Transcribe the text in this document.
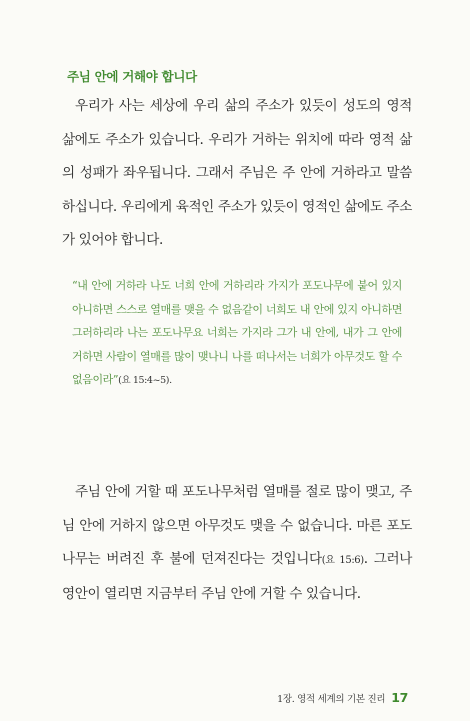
주님 안에 거해야 합니다

우리가 사는 세상에 우리 삶의 주소가 있듯이 성도의 영적 삶에도 주소가 있습니다. 우리가 거하는 위치에 따라 영적 삶의 성패가 좌우됩니다. 그래서 주님은 주 안에 거하라고 말씀하십니다. 우리에게 육적인 주소가 있듯이 영적인 삶에도 주소가 있어야 합니다.

“내 안에 거하라 나도 너희 안에 거하리라 가지가 포도나무에 붙어 있지 아니하면 스스로 열매를 맺을 수 없음같이 너희도 내 안에 있지 아니하면 그러하리라 나는 포도나무요 너희는 가지라 그가 내 안에, 내가 그 안에 거하면 사람이 열매를 많이 맺나니 나를 떠나서는 너희가 아무것도 할 수 없음이라”(요 15:4~5).

주님 안에 거할 때 포도나무처럼 열매를 절로 많이 맺고, 주님 안에 거하지 않으면 아무것도 맺을 수 없습니다. 마른 포도나무는 버려진 후 불에 던져진다는 것입니다(요 15:6). 그러나 영안이 열리면 지금부터 주님 안에 거할 수 있습니다.

1장. 영적 세계의 기본 진리 17
